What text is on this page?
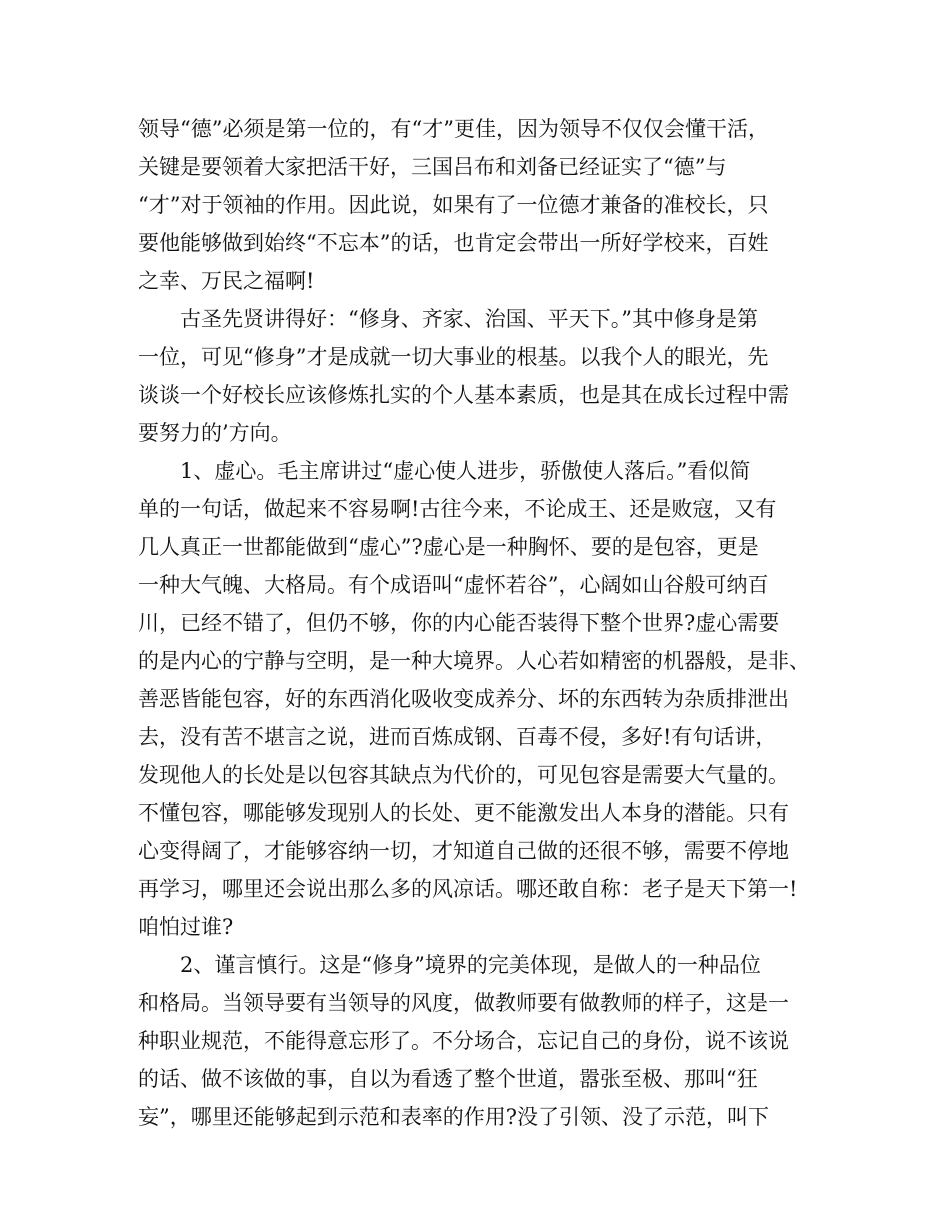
领导“德”必须是第一位的，有“才”更佳，因为领导不仅仅会懂干活，
关键是要领着大家把活干好，三国吕布和刘备已经证实了“德”与
“才”对于领袖的作用。因此说，如果有了一位德才兼备的准校长，只
要他能够做到始终“不忘本”的话，也肯定会带出一所好学校来，百姓
之幸、万民之福啊!
　　古圣先贤讲得好：“修身、齐家、治国、平天下。”其中修身是第
一位，可见“修身”才是成就一切大事业的根基。以我个人的眼光，先
谈谈一个好校长应该修炼扎实的个人基本素质，也是其在成长过程中需
要努力的’方向。
　　1、虚心。毛主席讲过“虚心使人进步，骄傲使人落后。”看似简
单的一句话，做起来不容易啊!古往今来，不论成王、还是败寇，又有
几人真正一世都能做到“虚心”?虚心是一种胸怀、要的是包容，更是
一种大气魄、大格局。有个成语叫“虚怀若谷”，心阔如山谷般可纳百
川，已经不错了，但仍不够，你的内心能否装得下整个世界?虚心需要
的是内心的宁静与空明，是一种大境界。人心若如精密的机器般，是非、
善恶皆能包容，好的东西消化吸收变成养分、坏的东西转为杂质排泄出
去，没有苦不堪言之说，进而百炼成钢、百毒不侵，多好!有句话讲，
发现他人的长处是以包容其缺点为代价的，可见包容是需要大气量的。
不懂包容，哪能够发现别人的长处、更不能激发出人本身的潜能。只有
心变得阔了，才能够容纳一切，才知道自己做的还很不够，需要不停地
再学习，哪里还会说出那么多的风凉话。哪还敢自称：老子是天下第一!
咱怕过谁?
　　2、谨言慎行。这是“修身”境界的完美体现，是做人的一种品位
和格局。当领导要有当领导的风度，做教师要有做教师的样子，这是一
种职业规范，不能得意忘形了。不分场合，忘记自己的身份，说不该说
的话、做不该做的事，自以为看透了整个世道，嚣张至极、那叫“狂
妄”，哪里还能够起到示范和表率的作用?没了引领、没了示范，叫下
